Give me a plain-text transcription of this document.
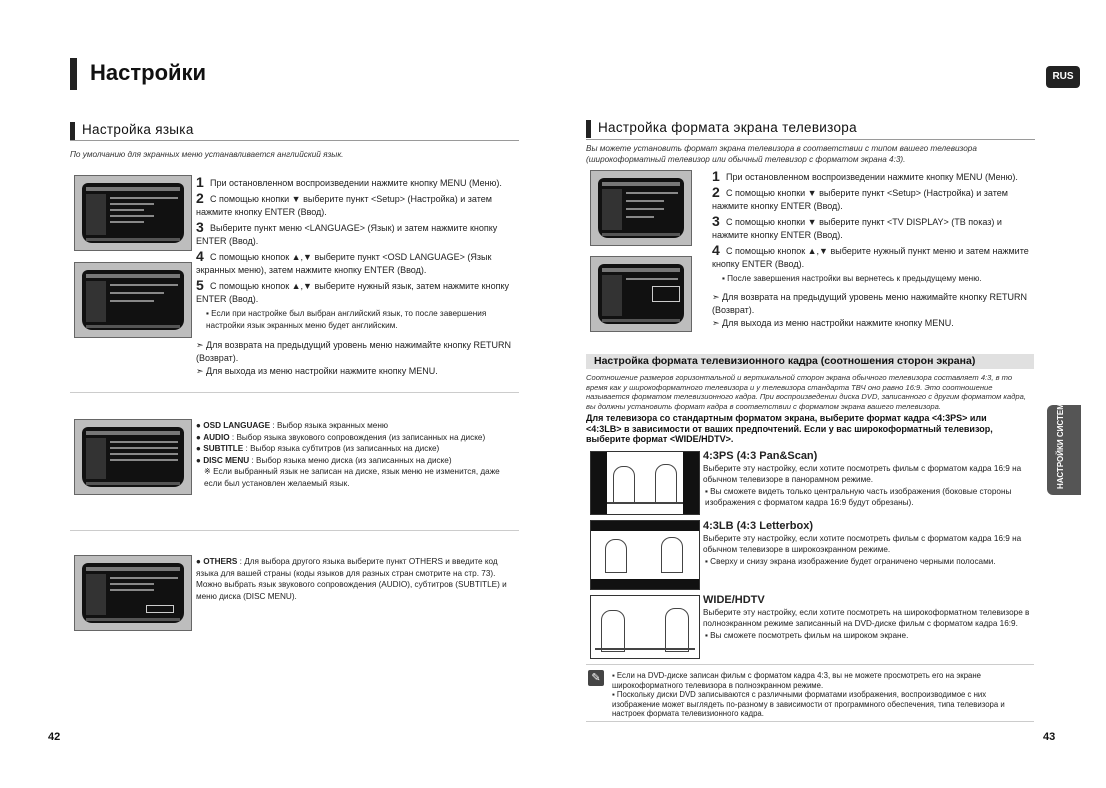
Настройки	RUS
Настройка языка
По умолчанию для экранных меню устанавливается английский язык.
1 При остановленном воспроизведении нажмите кнопку MENU (Меню).
2 С помощью кнопки ▼ выберите пункт <Setup> (Настройка) и затем нажмите кнопку ENTER (Ввод).
3 Выберите пункт меню <LANGUAGE> (Язык) и затем нажмите кнопку ENTER (Ввод).
4 С помощью кнопок ▲,▼ выберите пункт <OSD LANGUAGE> (Язык экранных меню), затем нажмите кнопку ENTER (Ввод).
5 С помощью кнопок ▲,▼ выберите нужный язык, затем нажмите кнопку ENTER (Ввод).
▪ Если при настройке был выбран английский язык, то после завершения настройки язык экранных меню будет английским.
➣ Для возврата на предыдущий уровень меню нажимайте кнопку RETURN (Возврат).
➣ Для выхода из меню настройки нажмите кнопку MENU.
● OSD LANGUAGE : Выбор языка экранных меню
● AUDIO : Выбор языка звукового сопровождения (из записанных на диске)
● SUBTITLE : Выбор языка субтитров (из записанных на диске)
● DISC MENU : Выбор языка меню диска (из записанных на диске)
※ Если выбранный язык не записан на диске, язык меню не изменится, даже если был установлен желаемый язык.
● OTHERS : Для выбора другого языка выберите пункт OTHERS и введите код языка для вашей страны (коды языков для разных стран смотрите на стр. 73). Можно выбрать язык звукового сопровождения (AUDIO), субтитров (SUBTITLE) и меню диска (DISC MENU).
42
Настройка формата экрана телевизора
Вы можете установить формат экрана телевизора в соответствии с типом вашего телевизора (широкоформатный телевизор или обычный телевизор с форматом экрана 4:3).
1 При остановленном воспроизведении нажмите кнопку MENU (Меню).
2 С помощью кнопки ▼ выберите пункт <Setup> (Настройка) и затем нажмите кнопку ENTER (Ввод).
3 С помощью кнопки ▼ выберите пункт <TV DISPLAY> (ТВ показ) и нажмите кнопку ENTER (Ввод).
4 С помощью кнопок ▲,▼ выберите нужный пункт меню и затем нажмите кнопку ENTER (Ввод).
▪ После завершения настройки вы вернетесь к предыдущему меню.
➣ Для возврата на предыдущий уровень меню нажимайте кнопку RETURN (Возврат).
➣ Для выхода из меню настройки нажмите кнопку MENU.
Настройка формата телевизионного кадра (соотношения сторон экрана)
Соотношение размеров горизонтальной и вертикальной сторон экрана обычного телевизора составляет 4:3, в то время как у широкоформатного телевизора и у телевизора стандарта ТВЧ оно равно 16:9. Это соотношение называется форматом телевизионного кадра. При воспроизведении диска DVD, записанного с другим форматом кадра, вы должны установить формат кадра в соответствии с форматом экрана вашего телевизора.
Для телевизора со стандартным форматом экрана, выберите формат кадра <4:3PS> или <4:3LB> в зависимости от ваших предпочтений. Если у вас широкоформатный телевизор, выберите формат <WIDE/HDTV>.	НАСТРОЙКИ СИСТЕМЫ
4:3PS (4:3 Pan&Scan)
Выберите эту настройку, если хотите посмотреть фильм с форматом кадра 16:9 на обычном телевизоре в панорамном режиме.
▪ Вы сможете видеть только центральную часть изображения (боковые стороны изображения с форматом кадра 16:9 будут обрезаны).
4:3LB (4:3 Letterbox)
Выберите эту настройку, если хотите посмотреть фильм с форматом кадра 16:9 на обычном телевизоре в широкоэкранном режиме.
▪ Сверху и снизу экрана изображение будет ограничено черными полосами.
WIDE/HDTV
Выберите эту настройку, если хотите посмотреть на широкоформатном телевизоре в полноэкранном режиме записанный на DVD-диске фильм с форматом кадра 16:9.
▪ Вы сможете посмотреть фильм на широком экране.
✎	▪ Если на DVD-диске записан фильм с форматом кадра 4:3, вы не можете просмотреть его на экране широкоформатного телевизора в полноэкранном режиме.
▪ Поскольку диски DVD записываются с различными форматами изображения, воспроизводимое с них изображение может выглядеть по-разному в зависимости от программного обеспечения, типа телевизора и настроек формата телевизионного кадра.
43
